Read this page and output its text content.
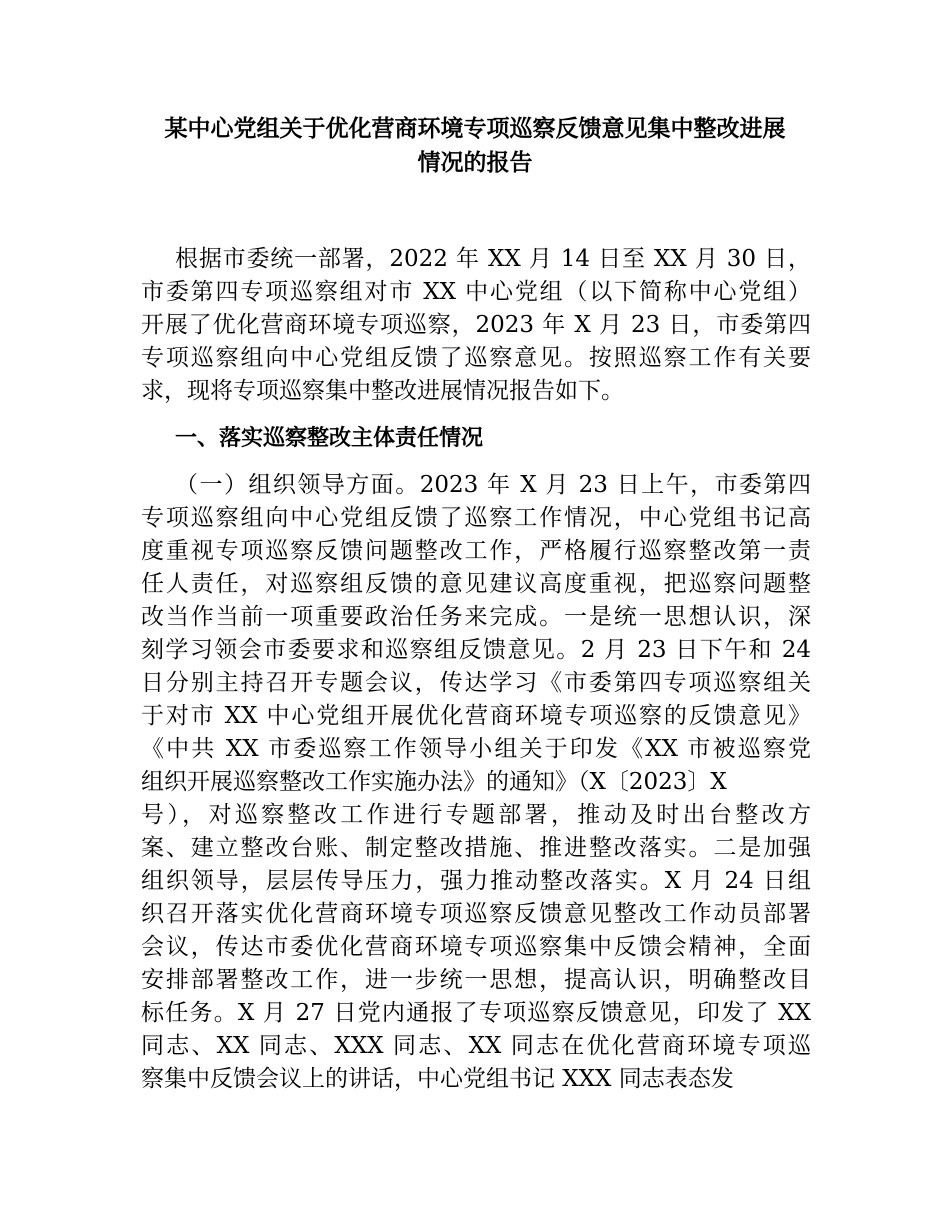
某中心党组关于优化营商环境专项巡察反馈意见集中整改进展
情况的报告
根据市委统一部署，2022 年 XX 月 14 日至 XX 月 30 日，
市委第四专项巡察组对市 XX 中心党组（以下简称中心党组）
开展了优化营商环境专项巡察，2023 年 X 月 23 日，市委第四
专项巡察组向中心党组反馈了巡察意见。按照巡察工作有关要
求，现将专项巡察集中整改进展情况报告如下。
一、落实巡察整改主体责任情况
（一）组织领导方面。2023 年 X 月 23 日上午，市委第四
专项巡察组向中心党组反馈了巡察工作情况，中心党组书记高
度重视专项巡察反馈问题整改工作，严格履行巡察整改第一责
任人责任，对巡察组反馈的意见建议高度重视，把巡察问题整
改当作当前一项重要政治任务来完成。一是统一思想认识，深
刻学习领会市委要求和巡察组反馈意见。2 月 23 日下午和 24
日分别主持召开专题会议，传达学习《市委第四专项巡察组关
于对市 XX 中心党组开展优化营商环境专项巡察的反馈意见》
《中共 XX 市委巡察工作领导小组关于印发《XX 市被巡察党
组织开展巡察整改工作实施办法》的通知》（X〔2023〕X
号），对巡察整改工作进行专题部署，推动及时出台整改方
案、建立整改台账、制定整改措施、推进整改落实。二是加强
组织领导，层层传导压力，强力推动整改落实。X 月 24 日组
织召开落实优化营商环境专项巡察反馈意见整改工作动员部署
会议，传达市委优化营商环境专项巡察集中反馈会精神，全面
安排部署整改工作，进一步统一思想，提高认识，明确整改目
标任务。X 月 27 日党内通报了专项巡察反馈意见，印发了 XX
同志、XX 同志、XXX 同志、XX 同志在优化营商环境专项巡
察集中反馈会议上的讲话，中心党组书记 XXX 同志表态发
